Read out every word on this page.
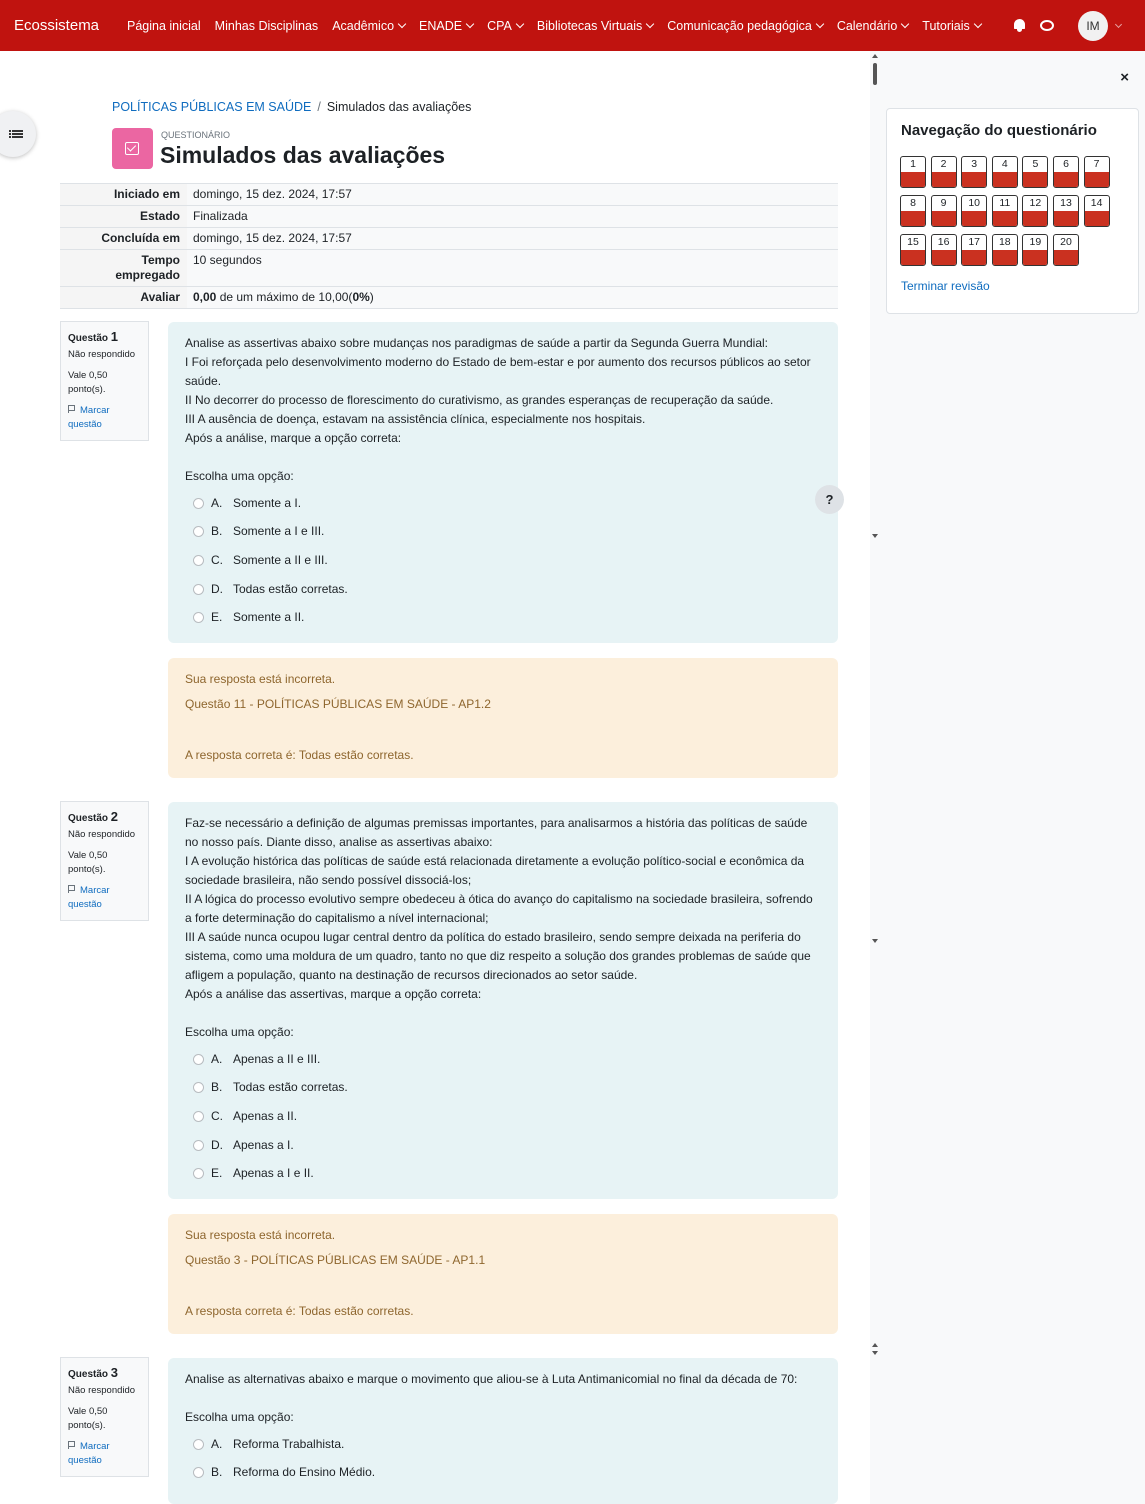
Ecossistema	Página inicial Minhas Disciplinas Acadêmico ENADE CPA Bibliotecas Virtuais Comunicação pedagógica Calendário Tutoriais	IM
POLÍTICAS PÚBLICAS EM SAÚDE / Simulados das avaliações
QUESTIONÁRIO
Simulados das avaliações
Iniciado em	domingo, 15 dez. 2024, 17:57
Estado	Finalizada
Concluída em	domingo, 15 dez. 2024, 17:57
Tempo
empregado	10 segundos
Avaliar	0,00 de um máximo de 10,00(0%)
Questão 1
Não respondido
Vale 0,50 ponto(s).
Marcar questão

Analise as assertivas abaixo sobre mudanças nos paradigmas de saúde a partir da Segunda Guerra Mundial:

I Foi reforçada pelo desenvolvimento moderno do Estado de bem-estar e por aumento dos recursos públicos ao setor saúde.

II No decorrer do processo de florescimento do curativismo, as grandes esperanças de recuperação da saúde.

III A ausência de doença, estavam na assistência clínica, especialmente nos hospitais.

Após a análise, marque a opção correta:

Escolha uma opção:
A. Somente a I.
B. Somente a I e III.
C. Somente a II e III.
D. Todas estão corretas.
E. Somente a II.
Sua resposta está incorreta.
Questão 11 - POLÍTICAS PÚBLICAS EM SAÚDE - AP1.2
A resposta correta é: Todas estão corretas.
Questão 2
Não respondido
Vale 0,50 ponto(s).
Marcar questão

Faz-se necessário a definição de algumas premissas importantes, para analisarmos a história das políticas de saúde no nosso país. Diante disso, analise as assertivas abaixo:

I A evolução histórica das políticas de saúde está relacionada diretamente a evolução político-social e econômica da sociedade brasileira, não sendo possível dissociá-los;

II A lógica do processo evolutivo sempre obedeceu à ótica do avanço do capitalismo na sociedade brasileira, sofrendo a forte determinação do capitalismo a nível internacional;

III A saúde nunca ocupou lugar central dentro da política do estado brasileiro, sendo sempre deixada na periferia do sistema, como uma moldura de um quadro, tanto no que diz respeito a solução dos grandes problemas de saúde que afligem a população, quanto na destinação de recursos direcionados ao setor saúde.

Após a análise das assertivas, marque a opção correta:

Escolha uma opção:
A. Apenas a II e III.
B. Todas estão corretas.
C. Apenas a II.
D. Apenas a I.
E. Apenas a I e II.
Sua resposta está incorreta.
Questão 3 - POLÍTICAS PÚBLICAS EM SAÚDE - AP1.1
A resposta correta é: Todas estão corretas.
Questão 3
Não respondido
Vale 0,50 ponto(s).
Marcar questão

Analise as alternativas abaixo e marque o movimento que aliou-se à Luta Antimanicomial no final da década de 70:

Escolha uma opção:
A. Reforma Trabalhista.
B. Reforma do Ensino Médio.
?
×
Navegação do questionário
Terminar revisão
1	2	3	4	5	6	7
8	9	10	11	12	13	14
15	16	17	18	19	20
